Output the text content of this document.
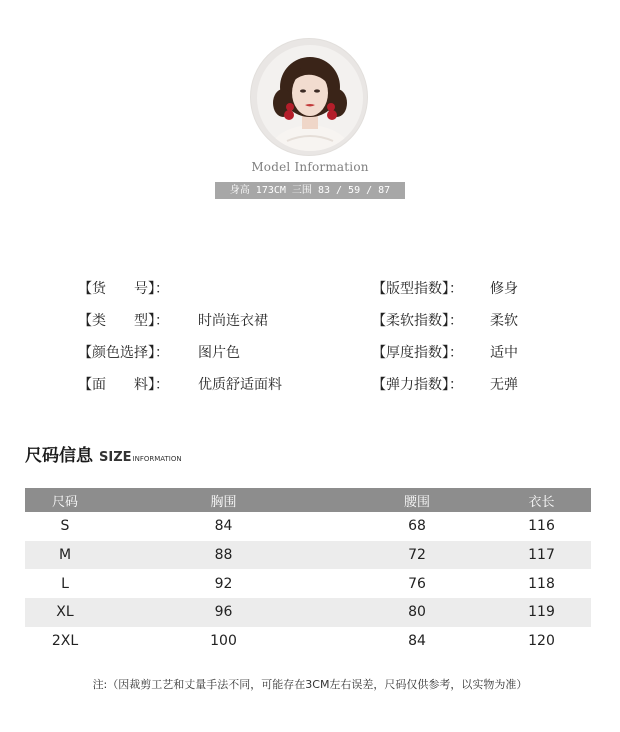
Model Information
身高 173CM 三围 83 / 59 / 87
【货　　号】：
【类　　型】： 时尚连衣裙
【颜色选择】： 图片色
【面　　料】： 优质舒适面料
【版型指数】： 修身
【柔软指数】： 柔软
【厚度指数】： 适中
【弹力指数】： 无弹
尺码信息 SIZEINFORMATION
尺码	胸围	腰围	衣长
S	84	68	116
M	88	72	117
L	92	76	118
XL	96	80	119
2XL	100	84	120
注:（因裁剪工艺和丈量手法不同，可能存在3CM左右误差，尺码仅供参考，以实物为准）
